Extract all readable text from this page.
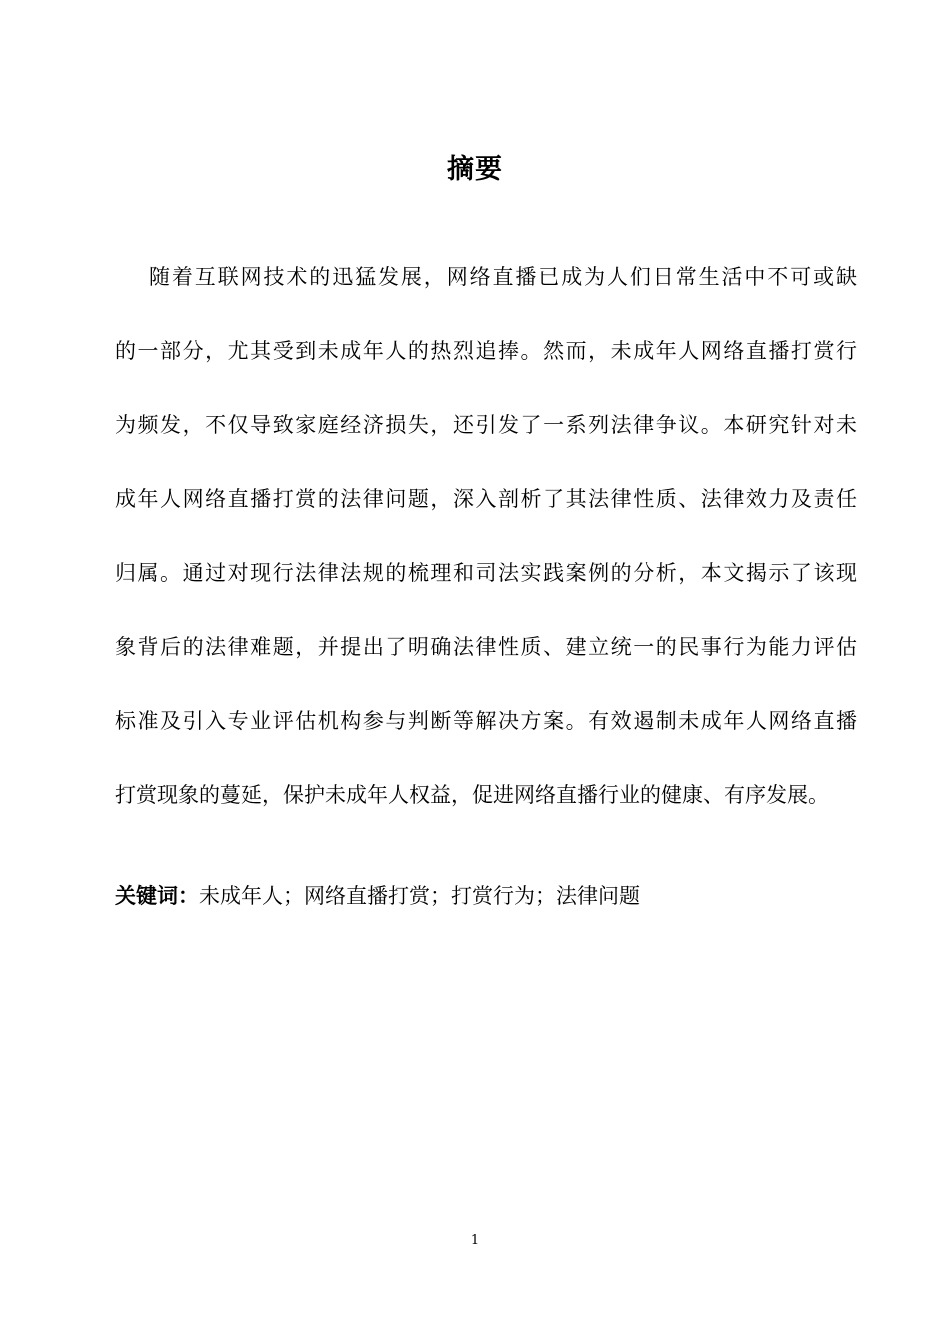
摘要
随着互联网技术的迅猛发展，网络直播已成为人们日常生活中不可或缺
的一部分，尤其受到未成年人的热烈追捧。然而，未成年人网络直播打赏行
为频发，不仅导致家庭经济损失，还引发了一系列法律争议。本研究针对未
成年人网络直播打赏的法律问题，深入剖析了其法律性质、法律效力及责任
归属。通过对现行法律法规的梳理和司法实践案例的分析，本文揭示了该现
象背后的法律难题，并提出了明确法律性质、建立统一的民事行为能力评估
标准及引入专业评估机构参与判断等解决方案。有效遏制未成年人网络直播
打赏现象的蔓延，保护未成年人权益，促进网络直播行业的健康、有序发展。
关键词：未成年人；网络直播打赏；打赏行为；法律问题
1
